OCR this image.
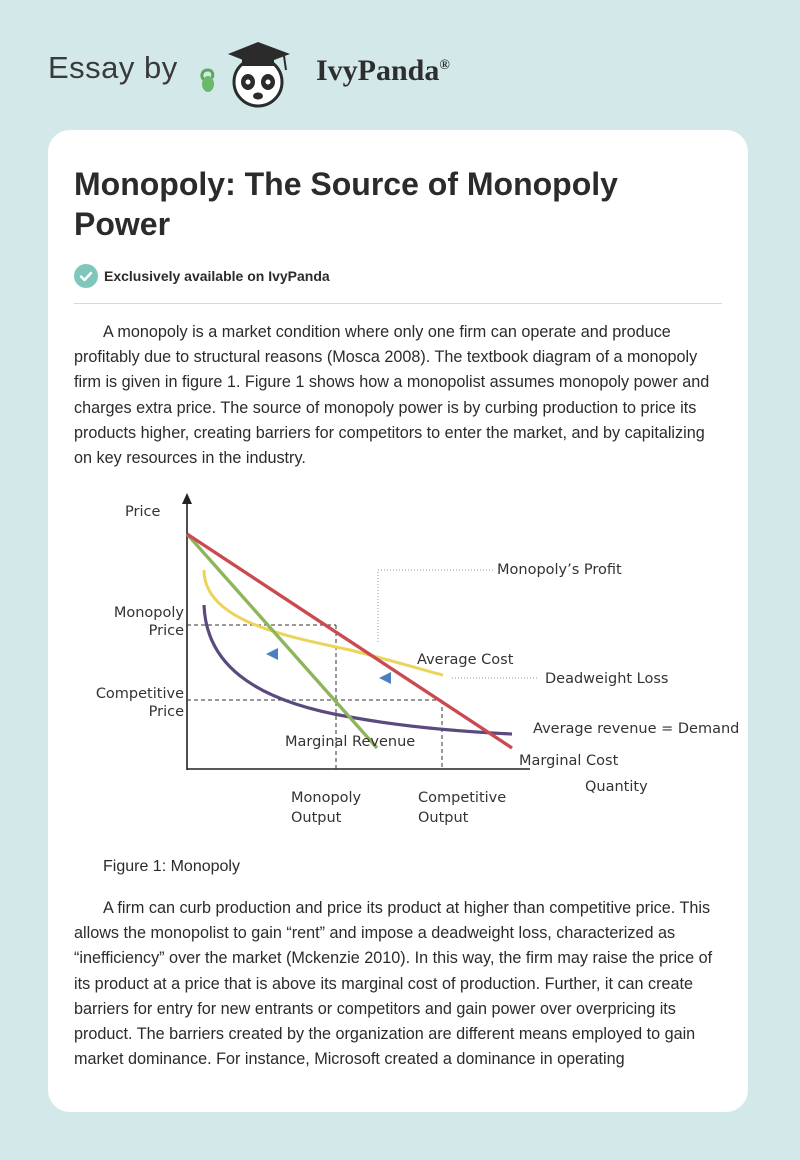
Essay by	IvyPanda®
Monopoly: The Source of Monopoly Power
Exclusively available on IvyPanda

A monopoly is a market condition where only one firm can operate and produce profitably due to structural reasons (Mosca 2008). The textbook diagram of a monopoly firm is given in figure 1. Figure 1 shows how a monopolist assumes monopoly power and charges extra price. The source of monopoly power is by curbing production to price its products higher, creating barriers for competitors to enter the market, and by capitalizing on key resources in the industry.

Price
Monopoly
Price
Competitive
Price
Monopoly’s Profit
Average Cost
Deadweight Loss
Average revenue = Demand
Marginal Revenue
Marginal Cost
Quantity
Monopoly
Output
Competitive
Output
Figure 1: Monopoly

A firm can curb production and price its product at higher than competitive price. This allows the monopolist to gain “rent” and impose a deadweight loss, characterized as “inefficiency” over the market (Mckenzie 2010). In this way, the firm may raise the price of its product at a price that is above its marginal cost of production. Further, it can create barriers for entry for new entrants or competitors and gain power over overpricing its product. The barriers created by the organization are different means employed to gain market dominance. For instance, Microsoft created a dominance in operating
